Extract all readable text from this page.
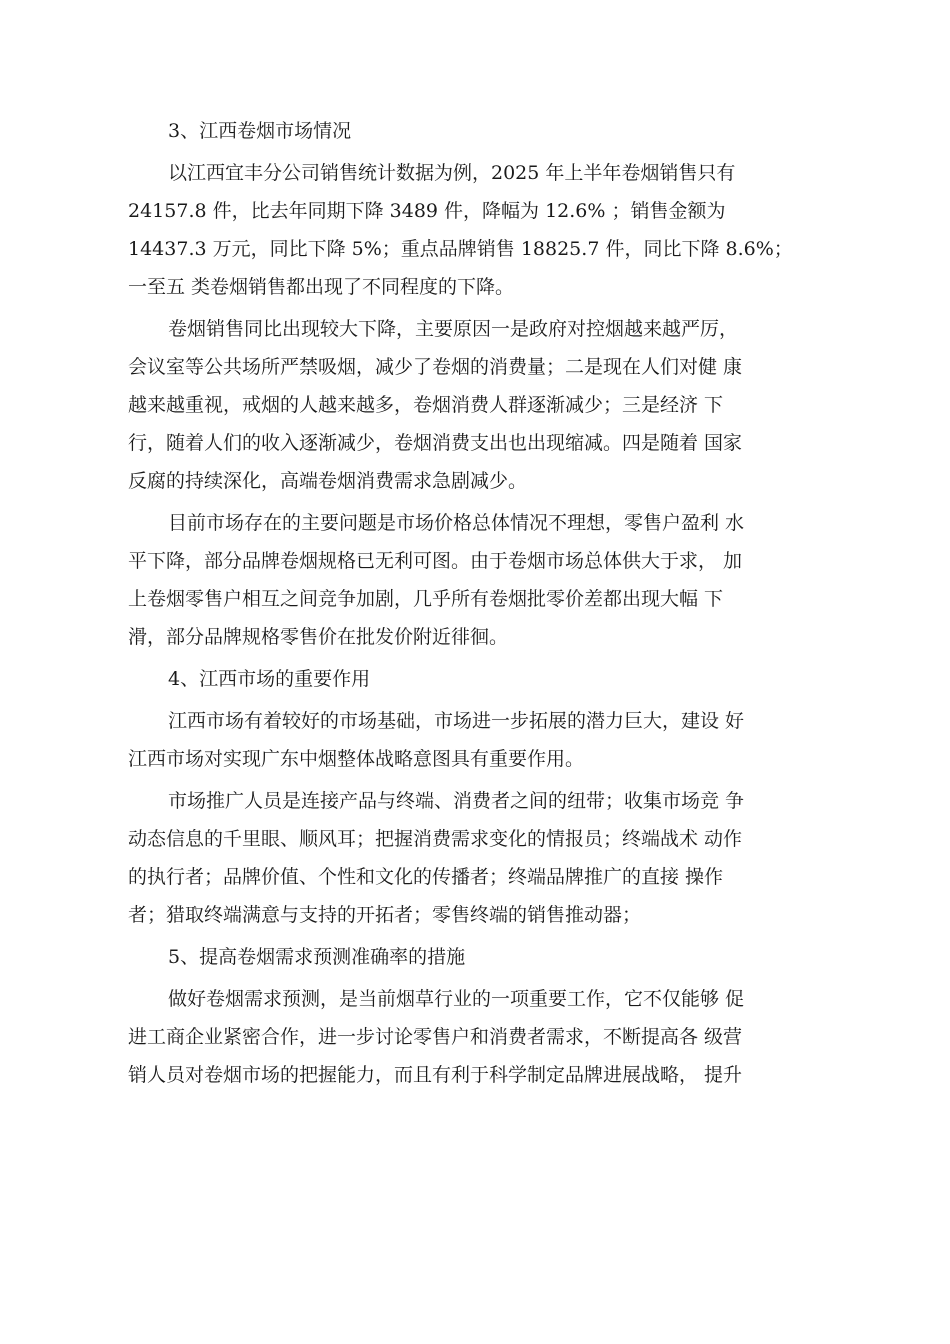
3、江西卷烟市场情况
以江西宜丰分公司销售统计数据为例，2025 年上半年卷烟销售只有
24157.8 件，比去年同期下降 3489 件，降幅为 12.6% ；销售金额为
14437.3 万元，同比下降 5%；重点品牌销售 18825.7 件，同比下降 8.6%；
一至五 类卷烟销售都出现了不同程度的下降。
卷烟销售同比出现较大下降，主要原因一是政府对控烟越来越严厉，
会议室等公共场所严禁吸烟，减少了卷烟的消费量；二是现在人们对健 康
越来越重视，戒烟的人越来越多，卷烟消费人群逐渐减少；三是经济 下
行，随着人们的收入逐渐减少，卷烟消费支出也出现缩减。四是随着 国家
反腐的持续深化，高端卷烟消费需求急剧减少。
目前市场存在的主要问题是市场价格总体情况不理想，零售户盈利 水
平下降，部分品牌卷烟规格已无利可图。由于卷烟市场总体供大于求， 加
上卷烟零售户相互之间竞争加剧，几乎所有卷烟批零价差都出现大幅 下
滑，部分品牌规格零售价在批发价附近徘徊。
4、江西市场的重要作用
江西市场有着较好的市场基础，市场进一步拓展的潜力巨大，建设 好
江西市场对实现广东中烟整体战略意图具有重要作用。
市场推广人员是连接产品与终端、消费者之间的纽带；收集市场竞 争
动态信息的千里眼、顺风耳；把握消费需求变化的情报员；终端战术 动作
的执行者；品牌价值、个性和文化的传播者；终端品牌推广的直接 操作
者；猎取终端满意与支持的开拓者；零售终端的销售推动器；
5、提高卷烟需求预测准确率的措施
做好卷烟需求预测，是当前烟草行业的一项重要工作，它不仅能够 促
进工商企业紧密合作，进一步讨论零售户和消费者需求，不断提高各 级营
销人员对卷烟市场的把握能力，而且有利于科学制定品牌进展战略， 提升
